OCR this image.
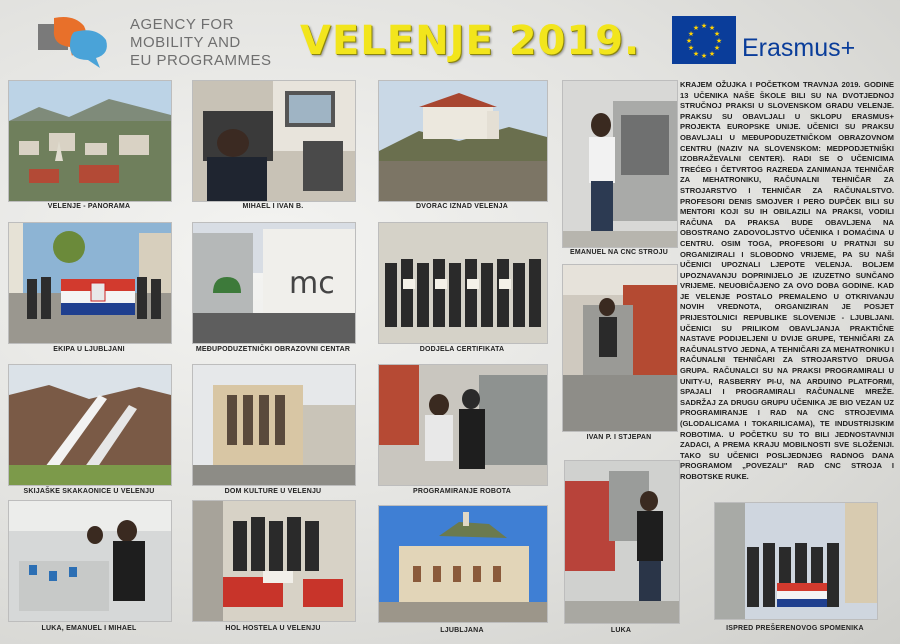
AGENCY FOR
MOBILITY AND
EU PROGRAMMES VELENJE 2019.	★ ★
★
★
★
★
★
★
★
★
★
★
Erasmus+
VELENJE - PANORAMA	MIHAEL I IVAN B.	DVORAC IZNAD VELENJA
EMANUEL NA CNC STROJU
EKIPA U LJUBLJANI
mc
MEĐUPODUZETNIČKI OBRAZOVNI CENTAR	DODJELA CERTIFIKATA
IVAN P. I STJEPAN
SKIJAŠKE SKAKAONICE U VELENJU	DOM KULTURE U VELENJU	PROGRAMIRANJE ROBOTA
LUKA, EMANUEL I MIHAEL	HOL HOSTELA U VELENJU	LJUBLJANA	LUKA	ISPRED PREŠERENOVOG SPOMENIKA
KRAJEM OŽUJKA I POČETKOM TRAVNJA 2019. GODINE 13 UČENIKA NAŠE ŠKOLE BILI SU NA DVOTJEDNOJ STRUČNOJ PRAKSI U SLOVENSKOM GRADU VELENJE. PRAKSU SU OBAVLJALI U SKLOPU ERASMUS+ PROJEKTA EUROPSKE UNIJE. UČENICI SU PRAKSU OBAVLJALI U MEĐUPODUZETNIČKOM OBRAZOVNOM CENTRU (NAZIV NA SLOVENSKOM: MEDPODJETNIŠKI IZOBRAŽEVALNI CENTER). RADI SE O UČENICIMA TREĆEG I ČETVRTOG RAZREDA ZANIMANJA TEHNIČAR ZA MEHATRONIKU, RAČUNALNI TEHNIČAR ZA STROJARSTVO I TEHNIČAR ZA RAČUNALSTVO. PROFESORI DENIS SMOJVER I PERO DUPČEK BILI SU MENTORI KOJI SU IH OBILAZILI NA PRAKSI, VODILI RAČUNA DA PRAKSA BUDE OBAVLJENA NA OBOSTRANO ZADOVOLJSTVO UČENIKA I DOMAĆINA U CENTRU. OSIM TOGA, PROFESORI U PRATNJI SU ORGANIZIRALI I SLOBODNO VRIJEME, PA SU NAŠI UČENICI UPOZNALI LJEPOTE VELENJA. BOLJEM UPOZNAVANJU DOPRINIJELO JE IZUZETNO SUNČANO VRIJEME. NEUOBIČAJENO ZA OVO DOBA GODINE. KAD JE VELENJE POSTALO PREMALENO U OTKRIVANJU NOVIH VREDNOTA, ORGANIZIRAN JE POSJET PRIJESTOLNICI REPUBLIKE SLOVENIJE - LJUBLJANI. UČENICI SU PRILIKOM OBAVLJANJA PRAKTIČNE NASTAVE PODIJELJENI U DVIJE GRUPE, TEHNIČARI ZA RAČUNALSTVO JEDNA, A TEHNIČARI ZA MEHATRONIKU I RAČUNALNI TEHNIČARI ZA STROJARSTVO DRUGA GRUPA. RAČUNALCI SU NA PRAKSI PROGRAMIRALI U UNITY-U, RASBERRY PI-U, NA ARDUINO PLATFORMI, SPAJALI I PROGRAMIRALI RAČUNALNE MREŽE. SADRŽAJ ZA DRUGU GRUPU UČENIKA JE BIO VEZAN UZ PROGRAMIRANJE I RAD NA CNC STROJEVIMA (GLODALICAMA I TOKARILICAMA), TE INDUSTRIJSKIM ROBOTIMA. U POČETKU SU TO BILI JEDNOSTAVNIJI ZADACI, A PREMA KRAJU MOBILNOSTI SVE SLOŽENIJI. TAKO SU UČENICI POSLJEDNJEG RADNOG DANA PROGRAMOM „POVEZALI" RAD CNC STROJA I ROBOTSKE RUKE.
